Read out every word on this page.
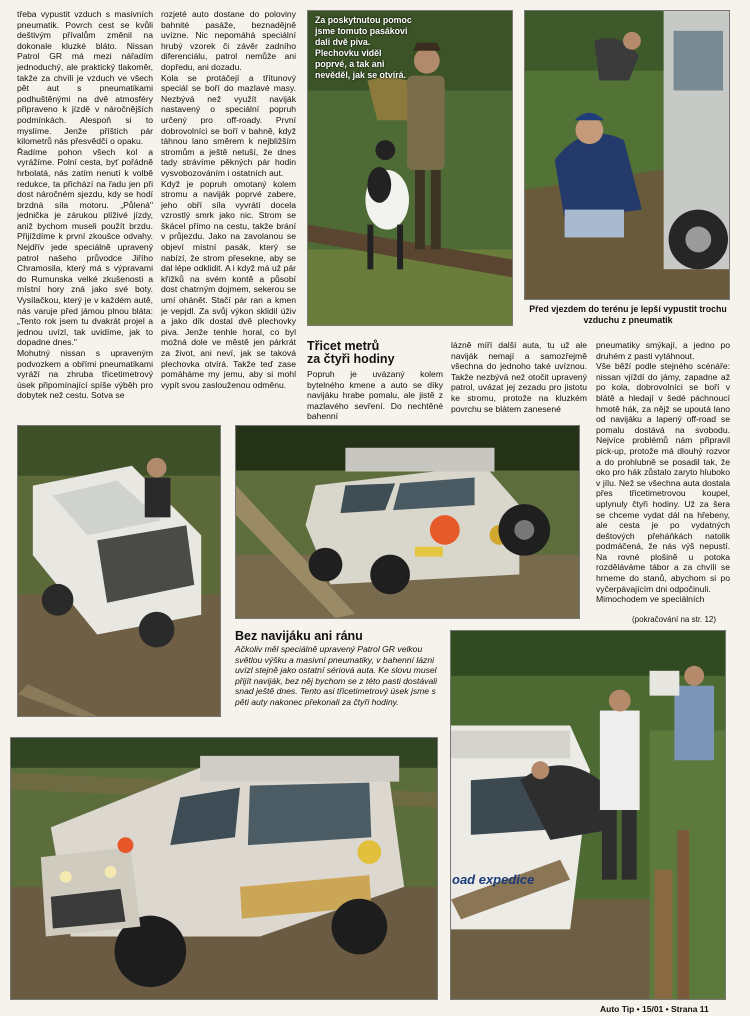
třeba vypustit vzduch s masivních pneumatik. Povrch cest se kvůli deštivým přívalům změnil na dokonale kluzké bláto. Nissan Patrol GR má mezi nářadím jednoduchý, ale praktický tlakoměr, takže za chvíli je vzduch ve všech pět aut s pneumatikami podhuštěnými na dvě atmosféry připraveno k jízdě v náročnějších podmínkách. Alespoň si to myslíme. Jenže příštích pár kilometrů nás přesvědčí o opaku.
Řadíme pohon všech kol a vyrážíme. Polní cesta, byť pořádně hrbolatá, nás zatím nenutí k volbě redukce, ta přichází na řadu jen při dost náročném sjezdu, kdy se hodí brzdná síla motoru. „Půlená" jednička je zárukou plíživé jízdy, aniž bychom museli použít brzdu. Přijíždíme k první zkoušce odvahy. Nejdřív jede speciálně upravený patrol našeho průvodce Jiřího Chramosila, který má s výpravami do Rumunska velké zkušenosti a místní hory zná jako své boty. Vysílačkou, který je v každém autě, nás varuje před jámou plnou bláta: „Tento rok jsem tu dvakrát projel a jednou uvízl, tak uvidíme, jak to dopadne dnes."
Mohutný nissan s upraveným podvozkem a obřími pneumatikami vyráží na zhruba třicetimetrový úsek připomínající spíše výběh pro dobytek než cestu. Sotva se
rozjeté auto dostane do poloviny bahnité pasáže, beznadějně uvízne. Nic nepomáhá speciální hrubý vzorek či závěr zadního diferenciálu, patrol nemůže ani dopředu, ani dozadu.
Kola se protáčejí a třítunový speciál se boří do mazlavé masy. Nezbývá než využít naviják nastavený o speciální popruh určený pro off-roady. První dobrovolníci se boří v bahně, když táhnou lano směrem k nejbližším stromům a ještě netuší, že dnes tady strávíme pěkných pár hodin vysvobozováním i ostatních aut.
Když je popruh omotaný kolem stromu a naviják poprvé zabere, jeho obří síla vyvrátí docela vzrostlý smrk jako nic. Strom se škácel přímo na cestu, takže brání v průjezdu. Jako na zavolanou se objeví místní pasák, který se nabízí, že strom přesekne, aby se dal lépe odklidit. A i když má už pár křížků na svém kontě a působí dost chatrným dojmem, sekerou se umí ohánět. Stačí pár ran a kmen je vepjdl. Za svůj výkon sklidil úživ a jako dík dostal dvě plechovky piva. Jenže tenhle horal, co byl možná dole ve městě jen párkrát za život, ani neví, jak se taková plechovka otvírá. Takže teď zase pomáháme my jemu, aby si mohl vypít svou zaslouženou odměnu.
Za poskytnutou pomoc jsme tomuto pasákovi dali dvě piva. Plechovku viděl poprvé, a tak ani nevěděl, jak se otvírá.
Před vjezdem do terénu je lepší vypustit trochu vzduchu z pneumatik
Třicet metrů
za čtyři hodiny
Popruh je uvázaný kolem bytelného kmene a auto se díky navijáku hrabe pomalu, ale jistě z mazlavého sevření. Do nechtěné bahenní
lázně míří další auta, tu už ale naviják nemají a samozřejmě všechna do jednoho také uvíznou. Takže nezbývá než otočit upravený patrol, uvázat jej zezadu pro jistotu ke stromu, protože na kluzkém povrchu se blátem zanesené
pneumatiky smýkají, a jedno po druhém z pasti vytáhnout.
Vše běží podle stejného scénáře: nissan vjíždí do jámy, zapadne až po kola, dobrovolníci se boří v blátě a hledají v šedé páchnoucí hmotě hák, za nějž se upoutá lano od navijáku a lapený off-road se pomalu dostává na svobodu. Nejvíce problémů nám připravil pick-up, protože má dlouhý rozvor a do prohlubně se posadil tak, že oko pro hák zůstalo zaryto hluboko v jílu. Než se všechna auta dostala přes třicetimetrovou koupel, uplynuly čtyři hodiny. Už za šera se chceme vydat dál na hřebeny, ale cesta je po vydatných deštových přeháňkách natolik podmáčená, že nás výš nepustí. Na rovné plošině u potoka rozděláváme tábor a za chvíli se hrneme do stanů, abychom si po vyčerpávajícím dni odpočinuli.
Mimochodem ve speciálních
(pokračování na str. 12)
Bez navijáku ani ránu
Ačkoliv měl speciálně upravený Patrol GR velkou světlou výšku a masivní pneumatiky, v bahenní lázni uvízl stejně jako ostatní sériová auta. Ke slovu musel přijít naviják, bez něj bychom se z této pasti dostávali snad ještě dnes. Tento asi třicetimetrový úsek jsme s pěti auty nakonec překonali za čtyři hodiny.
oad expedice
Auto Tip • 15/01 • Strana 11
